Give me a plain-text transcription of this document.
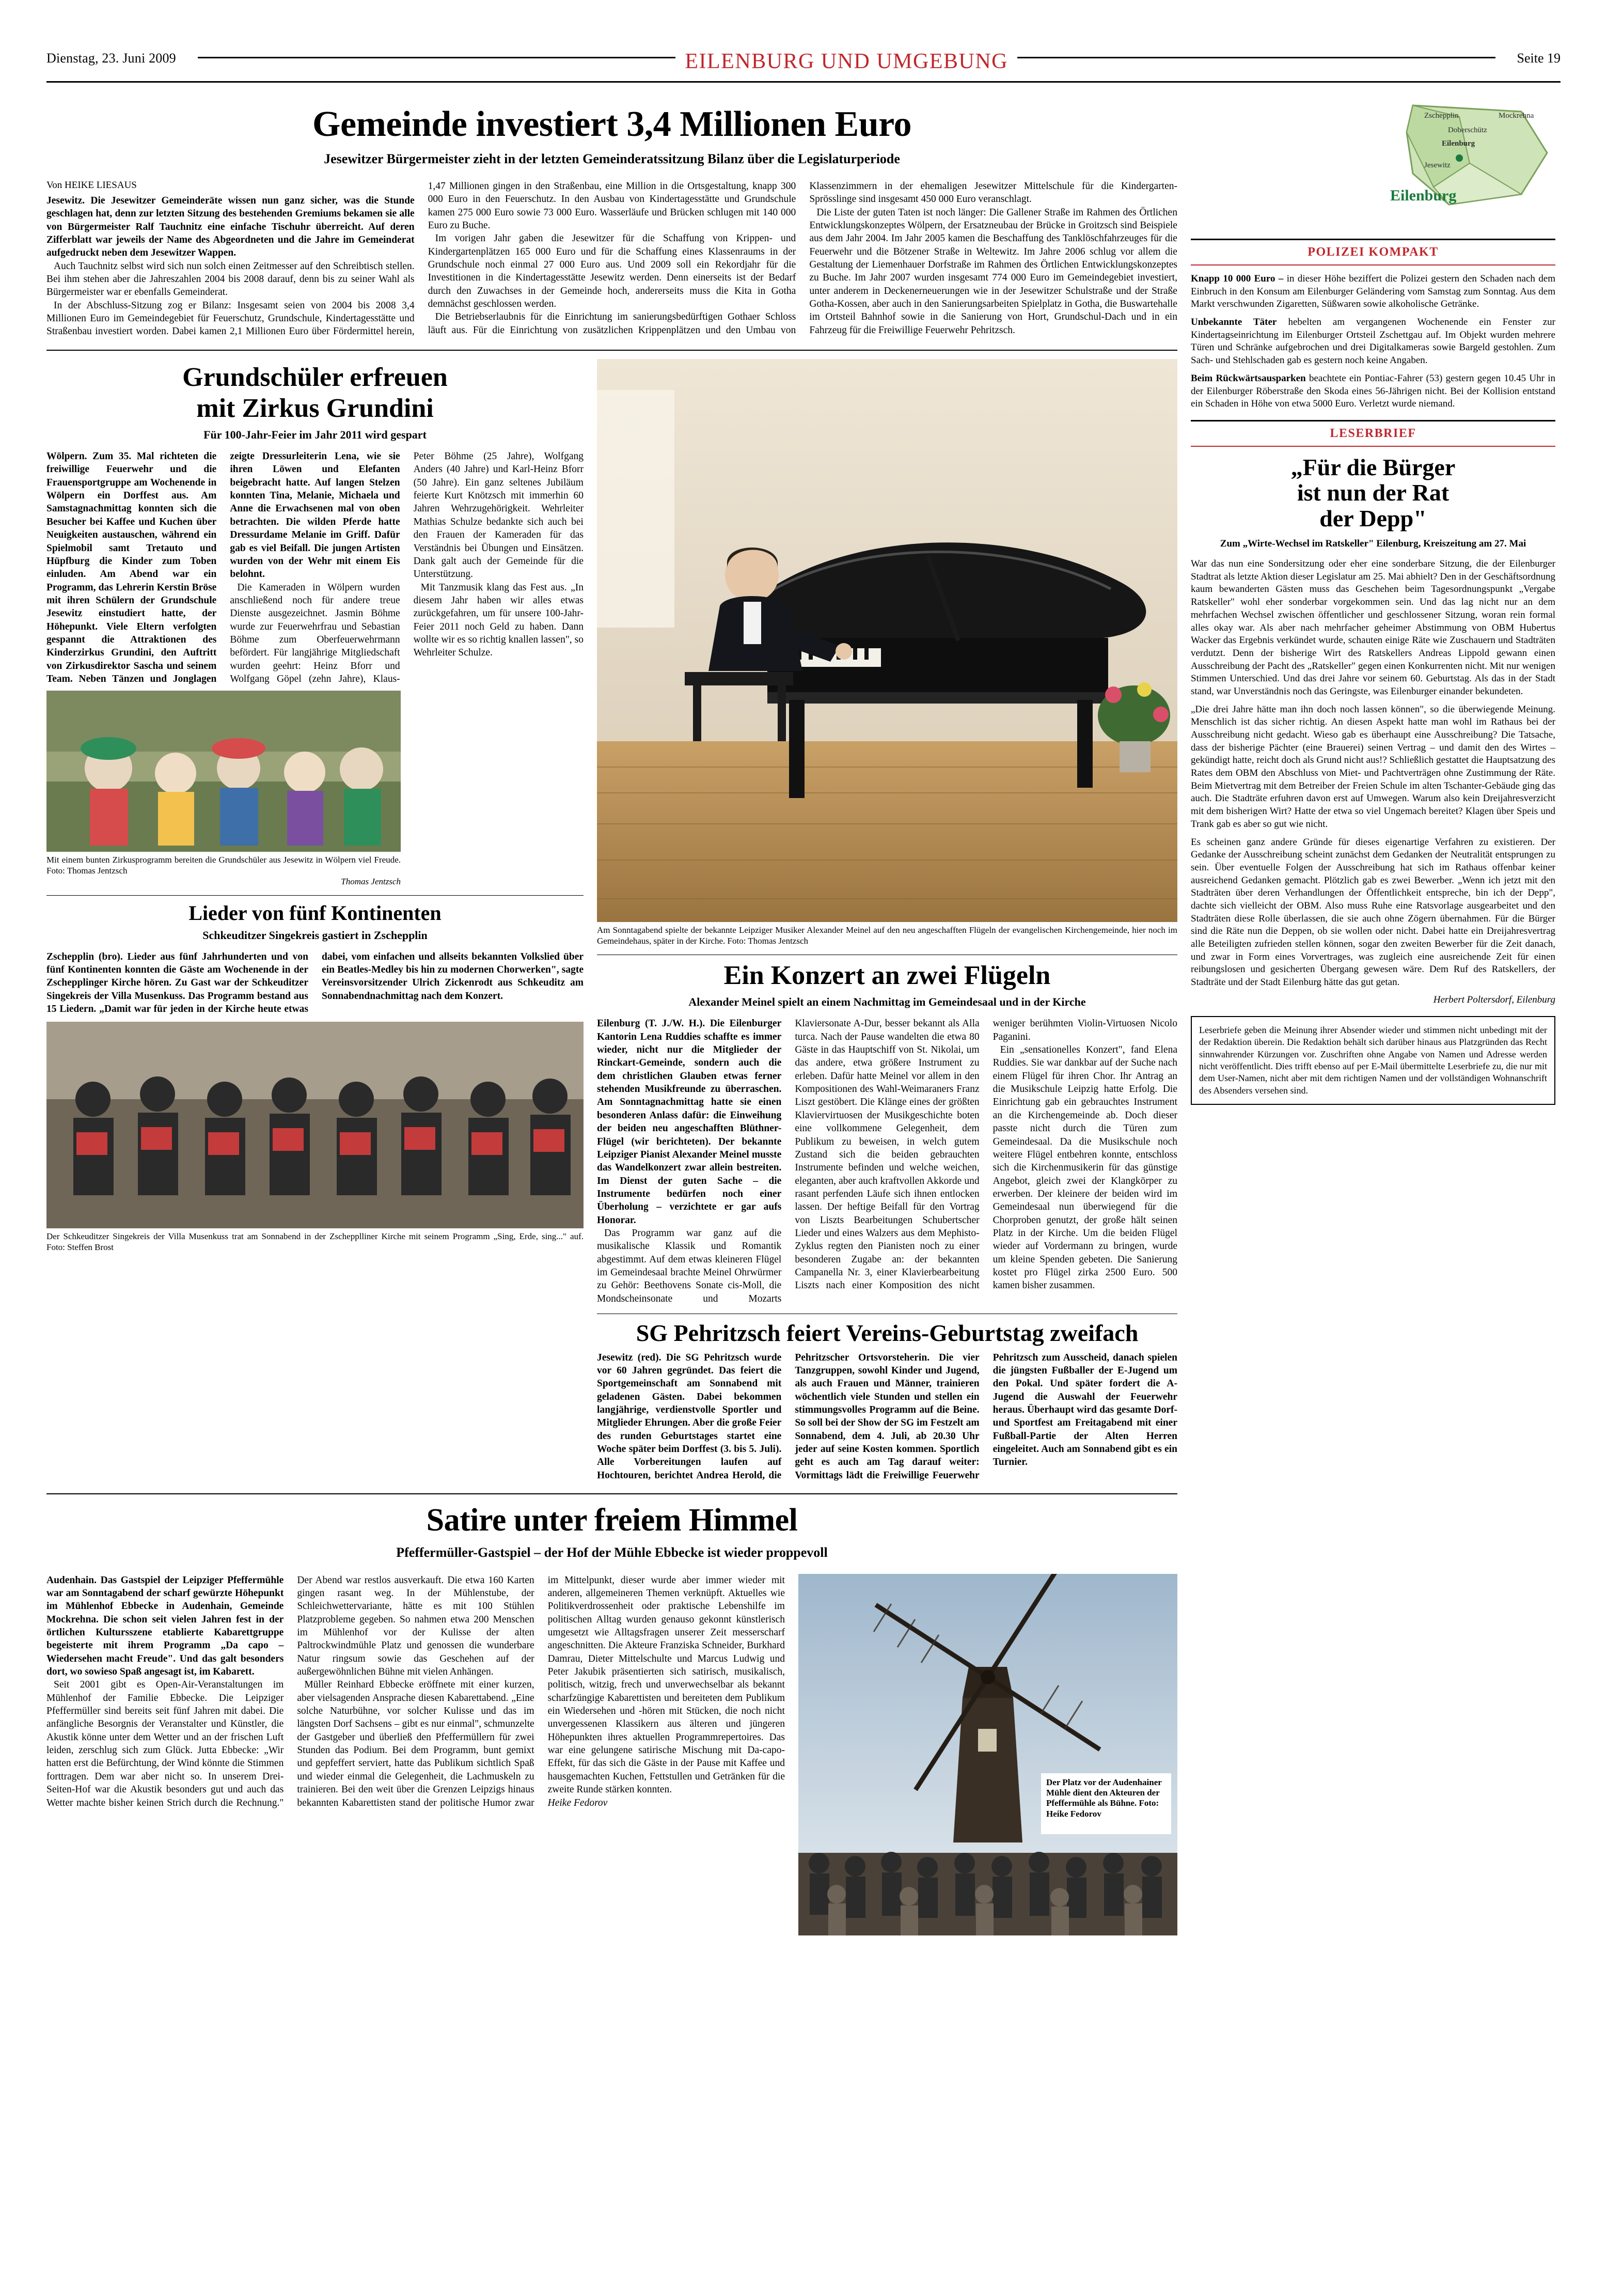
Dienstag, 23. Juni 2009	EILENBURG UND UMGEBUNG	Seite 19
Gemeinde investiert 3,4 Millionen Euro
Jesewitzer Bürgermeister zieht in der letzten Gemeinderatssitzung Bilanz über die Legislaturperiode
Von HEIKE LIESAUS

Jesewitz. Die Jesewitzer Gemeinderäte wissen nun ganz sicher, was die Stunde geschlagen hat, denn zur letzten Sitzung des bestehenden Gremiums bekamen sie alle von Bürgermeister Ralf Tauchnitz eine einfache Tischuhr überreicht. Auf deren Zifferblatt war jeweils der Name des Abgeordneten und die Jahre im Gemeinderat aufgedruckt neben dem Jesewitzer Wappen.

Auch Tauchnitz selbst wird sich nun solch einen Zeitmesser auf den Schreibtisch stellen. Bei ihm stehen aber die Jahreszahlen 2004 bis 2008 darauf, denn bis zu seiner Wahl als Bürgermeister war er ebenfalls Gemeinderat.

In der Abschluss-Sitzung zog er Bilanz: Insgesamt seien von 2004 bis 2008 3,4 Millionen Euro im Gemeindegebiet für Feuerschutz, Grundschule, Kindertagesstätte und Straßenbau investiert worden. Dabei kamen 2,1 Millionen Euro über Fördermittel herein, 1,47 Millionen gingen in den Straßenbau, eine Million in die Ortsgestaltung, knapp 300 000 Euro in den Feuerschutz. In den Ausbau von Kindertagesstätte und Grundschule kamen 275 000 Euro sowie 73 000 Euro. Wasserläufe und Brücken schlugen mit 140 000 Euro zu Buche.

Im vorigen Jahr gaben die Jesewitzer für die Schaffung von Krippen- und Kindergartenplätzen 165 000 Euro und für die Schaffung eines Klassenraums in der Grundschule noch einmal 27 000 Euro aus. Und 2009 soll ein Rekordjahr für die Investitionen in die Kindertagesstätte Jesewitz werden. Denn einerseits ist der Bedarf durch den Zuwachses in der Gemeinde hoch, andererseits muss die Kita in Gotha demnächst geschlossen werden.

Die Betriebserlaubnis für die Einrichtung im sanierungsbedürftigen Gothaer Schloss läuft aus. Für die Einrichtung von zusätzlichen Krippenplätzen und den Umbau von Klassenzimmern in der ehemaligen Jesewitzer Mittelschule für die Kindergarten-Sprösslinge sind insgesamt 450 000 Euro veranschlagt.

Die Liste der guten Taten ist noch länger: Die Gallener Straße im Rahmen des Örtlichen Entwicklungskonzeptes Wölpern, der Ersatzneubau der Brücke in Groitzsch sind Beispiele aus dem Jahr 2004. Im Jahr 2005 kamen die Beschaffung des Tanklöschfahrzeuges für die Feuerwehr und die Bötzener Straße in Weltewitz. Im Jahre 2006 schlug vor allem die Gestaltung der Liemenhauer Dorfstraße im Rahmen des Örtlichen Entwicklungskonzeptes zu Buche. Im Jahr 2007 wurden insgesamt 774 000 Euro im Gemeindegebiet investiert, unter anderem in Deckenerneuerungen wie in der Jesewitzer Schulstraße und der Straße Gotha-Kossen, aber auch in den Sanierungsarbeiten Spielplatz in Gotha, die Buswartehalle im Ortsteil Bahnhof sowie in die Sanierung von Hort, Grundschul-Dach und in ein Fahrzeug für die Freiwillige Feuerwehr Pehritzsch.

Grundschüler erfreuen
mit Zirkus Grundini
Für 100-Jahr-Feier im Jahr 2011 wird gespart

Wölpern. Zum 35. Mal richteten die freiwillige Feuerwehr und die Frauensportgruppe am Wochenende in Wölpern ein Dorffest aus. Am Samstagnachmittag konnten sich die Besucher bei Kaffee und Kuchen über Neuigkeiten austauschen, während ein Spielmobil samt Tretauto und Hüpfburg die Kinder zum Toben einluden. Am Abend war ein Programm, das Lehrerin Kerstin Bröse mit ihren Schülern der Grundschule Jesewitz einstudiert hatte, der Höhepunkt. Viele Eltern verfolgten gespannt die Attraktionen des Kinderzirkus Grundini, den Auftritt von Zirkusdirektor Sascha und seinem Team. Neben Tänzen und Jonglagen zeigte Dressurleiterin Lena, wie sie ihren Löwen und Elefanten beigebracht hatte. Auf langen Stelzen konnten Tina, Melanie, Michaela und Anne die Erwachsenen mal von oben betrachten. Die wilden Pferde hatte Dressurdame Melanie im Griff. Dafür gab es viel Beifall. Die jungen Artisten wurden von der Wehr mit einem Eis belohnt.

Die Kameraden in Wölpern wurden anschließend noch für andere treue Dienste ausgezeichnet. Jasmin Böhme wurde zur Feuerwehrfrau und Sebastian Böhme zum Oberfeuerwehrmann befördert. Für langjährige Mitgliedschaft wurden geehrt: Heinz Bforr und Wolfgang Göpel (zehn Jahre), Klaus-Peter Böhme (25 Jahre), Wolfgang Anders (40 Jahre) und Karl-Heinz Bforr (50 Jahre). Ein ganz seltenes Jubiläum feierte Kurt Knötzsch mit immerhin 60 Jahren Wehrzugehörigkeit. Wehrleiter Mathias Schulze bedankte sich auch bei den Frauen der Kameraden für das Verständnis bei Übungen und Einsätzen. Dank galt auch der Gemeinde für die Unterstützung.

Mit Tanzmusik klang das Fest aus. „In diesem Jahr haben wir alles etwas zurückgefahren, um für unsere 100-Jahr-Feier 2011 noch Geld zu haben. Dann wollte wir es so richtig knallen lassen", so Wehrleiter Schulze.

Mit einem bunten Zirkusprogramm bereiten die Grundschüler aus Jesewitz in Wölpern viel Freude. Foto: Thomas Jentzsch
Thomas Jentzsch
Lieder von fünf Kontinenten
Schkeuditzer Singekreis gastiert in Zschepplin

Zschepplin (bro). Lieder aus fünf Jahrhunderten und von fünf Kontinenten konnten die Gäste am Wochenende in der Zschepplinger Kirche hören. Zu Gast war der Schkeuditzer Singekreis der Villa Musenkuss. Das Programm bestand aus 15 Liedern. „Damit war für jeden in der Kirche heute etwas dabei, vom einfachen und allseits bekannten Volkslied über ein Beatles-Medley bis hin zu modernen Chorwerken", sagte Vereinsvorsitzender Ulrich Zickenrodt aus Schkeuditz am Sonnabendnachmittag nach dem Konzert.

Der Schkeuditzer Singekreis der Villa Musenkuss trat am Sonnabend in der Zschepplliner Kirche mit seinem Programm „Sing, Erde, sing..." auf. Foto: Steffen Brost
Am Sonntagabend spielte der bekannte Leipziger Musiker Alexander Meinel auf den neu angeschafften Flügeln der evangelischen Kirchengemeinde, hier noch im Gemeindehaus, später in der Kirche. Foto: Thomas Jentzsch
Ein Konzert an zwei Flügeln
Alexander Meinel spielt an einem Nachmittag im Gemeindesaal und in der Kirche

Eilenburg (T. J./W. H.). Die Eilenburger Kantorin Lena Ruddies schaffte es immer wieder, nicht nur die Mitglieder der Rinckart-Gemeinde, sondern auch die dem christlichen Glauben etwas ferner stehenden Musikfreunde zu überraschen. Am Sonntagnachmittag hatte sie einen besonderen Anlass dafür: die Einweihung der beiden neu angeschafften Blüthner-Flügel (wir berichteten). Der bekannte Leipziger Pianist Alexander Meinel musste das Wandelkonzert zwar allein bestreiten. Im Dienst der guten Sache – die Instrumente bedürfen noch einer Überholung – verzichtete er gar aufs Honorar.

Das Programm war ganz auf die musikalische Klassik und Romantik abgestimmt. Auf dem etwas kleineren Flügel im Gemeindesaal brachte Meinel Ohrwürmer zu Gehör: Beethovens Sonate cis-Moll, die Mondscheinsonate und Mozarts Klaviersonate A-Dur, besser bekannt als Alla turca. Nach der Pause wandelten die etwa 80 Gäste in das Hauptschiff von St. Nikolai, um das andere, etwa größere Instrument zu erleben. Dafür hatte Meinel vor allem in den Kompositionen des Wahl-Weimaraners Franz Liszt gestöbert. Die Klänge eines der größten Klaviervirtuosen der Musikgeschichte boten eine vollkommene Gelegenheit, dem Publikum zu beweisen, in welch gutem Zustand sich die beiden gebrauchten Instrumente befinden und welche weichen, eleganten, aber auch kraftvollen Akkorde und rasant perfenden Läufe sich ihnen entlocken lassen. Der heftige Beifall für den Vortrag von Liszts Bearbeitungen Schubertscher Lieder und eines Walzers aus dem Mephisto-Zyklus regten den Pianisten noch zu einer besonderen Zugabe an: der bekannten Campanella Nr. 3, einer Klavierbearbeitung Liszts nach einer Komposition des nicht weniger berühmten Violin-Virtuosen Nicolo Paganini.

Ein „sensationelles Konzert", fand Elena Ruddies. Sie war dankbar auf der Suche nach einem Flügel für ihren Chor. Ihr Antrag an die Musikschule Leipzig hatte Erfolg. Die Einrichtung gab ein gebrauchtes Instrument an die Kirchengemeinde ab. Doch dieser passte nicht durch die Türen zum Gemeindesaal. Da die Musikschule noch weitere Flügel entbehren konnte, entschloss sich die Kirchenmusikerin für das günstige Angebot, gleich zwei der Klangkörper zu erwerben. Der kleinere der beiden wird im Gemeindesaal nun überwiegend für die Chorproben genutzt, der große hält seinen Platz in der Kirche. Um die beiden Flügel wieder auf Vordermann zu bringen, wurde um kleine Spenden gebeten. Die Sanierung kostet pro Flügel zirka 2500 Euro. 500 kamen bisher zusammen.

SG Pehritzsch feiert Vereins-Geburtstag zweifach

Jesewitz (red). Die SG Pehritzsch wurde vor 60 Jahren gegründet. Das feiert die Sportgemeinschaft am Sonnabend mit geladenen Gästen. Dabei bekommen langjährige, verdienstvolle Sportler und Mitglieder Ehrungen. Aber die große Feier des runden Geburtstages startet eine Woche später beim Dorffest (3. bis 5. Juli). Alle Vorbereitungen laufen auf Hochtouren, berichtet Andrea Herold, die Pehritzscher Ortsvorsteherin. Die vier Tanzgruppen, sowohl Kinder und Jugend, als auch Frauen und Männer, trainieren wöchentlich viele Stunden und stellen ein stimmungsvolles Programm auf die Beine. So soll bei der Show der SG im Festzelt am Sonnabend, dem 4. Juli, ab 20.30 Uhr jeder auf seine Kosten kommen. Sportlich geht es auch am Tag darauf weiter: Vormittags lädt die Freiwillige Feuerwehr Pehritzsch zum Ausscheid, danach spielen die jüngsten Fußballer der E-Jugend um den Pokal. Und später fordert die A-Jugend die Auswahl der Feuerwehr heraus. Überhaupt wird das gesamte Dorf- und Sportfest am Freitagabend mit einer Fußball-Partie der Alten Herren eingeleitet. Auch am Sonnabend gibt es ein Turnier.

Satire unter freiem Himmel
Pfeffermüller-Gastspiel – der Hof der Mühle Ebbecke ist wieder proppevoll

Audenhain. Das Gastspiel der Leipziger Pfeffermühle war am Sonntagabend der scharf gewürzte Höhepunkt im Mühlenhof Ebbecke in Audenhain, Gemeinde Mockrehna. Die schon seit vielen Jahren fest in der örtlichen Kultursszene etablierte Kabarettgruppe begeisterte mit ihrem Programm „Da capo – Wiedersehen macht Freude". Und das galt besonders dort, wo sowieso Spaß angesagt ist, im Kabarett.

Seit 2001 gibt es Open-Air-Veranstaltungen im Mühlenhof der Familie Ebbecke. Die Leipziger Pfeffermüller sind bereits seit fünf Jahren mit dabei. Die anfängliche Besorgnis der Veranstalter und Künstler, die Akustik könne unter dem Wetter und an der frischen Luft leiden, zerschlug sich zum Glück. Jutta Ebbecke: „Wir hatten erst die Befürchtung, der Wind könnte die Stimmen forttragen. Dem war aber nicht so. In unserem Drei-Seiten-Hof war die Akustik besonders gut und auch das Wetter machte bisher keinen Strich durch die Rechnung." Der Abend war restlos ausverkauft. Die etwa 160 Karten gingen rasant weg. In der Mühlenstube, der Schleichwettervariante, hätte es mit 100 Stühlen Platzprobleme gegeben. So nahmen etwa 200 Menschen im Mühlenhof vor der Kulisse der alten Paltrockwindmühle Platz und genossen die wunderbare Natur ringsum sowie das Geschehen auf der außergewöhnlichen Bühne mit vielen Anhängen.

Müller Reinhard Ebbecke eröffnete mit einer kurzen, aber vielsagenden Ansprache diesen Kabarettabend. „Eine solche Naturbühne, vor solcher Kulisse und das im längsten Dorf Sachsens – gibt es nur einmal", schmunzelte der Gastgeber und überließ den Pfeffermüllern für zwei Stunden das Podium. Bei dem Programm, bunt gemixt und gepfeffert serviert, hatte das Publikum sichtlich Spaß und wieder einmal die Gelegenheit, die Lachmuskeln zu trainieren. Bei den weit über die Grenzen Leipzigs hinaus bekannten Kabarettisten stand der politische Humor zwar im Mittelpunkt, dieser wurde aber immer wieder mit anderen, allgemeineren Themen verknüpft. Aktuelles wie Politikverdrossenheit oder praktische Lebenshilfe im politischen Alltag wurden genauso gekonnt künstlerisch umgesetzt wie Alltagsfragen unserer Zeit messerscharf angeschnitten. Die Akteure Franziska Schneider, Burkhard Damrau, Dieter Mittelschulte und Marcus Ludwig und Peter Jakubik präsentierten sich satirisch, musikalisch, politisch, witzig, frech und unverwechselbar als bekannt scharfzüngige Kabarettisten und bereiteten dem Publikum ein Wiedersehen und -hören mit Stücken, die noch nicht unvergessenen Klassikern aus älteren und jüngeren Höhepunkten ihres aktuellen Programmrepertoires. Das war eine gelungene satirische Mischung mit Da-capo-Effekt, für das sich die Gäste in der Pause mit Kaffee und hausgemachten Kuchen, Fettstullen und Getränken für die zweite Runde stärken konnten.

Heike Fedorov

Der Platz vor der Audenhainer Mühle dient den Akteuren der Pfeffermühle als Bühne. Foto: Heike Fedorov
Zschepplin	Mockrehna
Doberschütz
Eilenburg
Jesewitz
Eilenburg
POLIZEI KOMPAKT

Knapp 10 000 Euro – in dieser Höhe beziffert die Polizei gestern den Schaden nach dem Einbruch in den Konsum am Eilenburger Geländering vom Samstag zum Sonntag. Aus dem Markt verschwunden Zigaretten, Süßwaren sowie alkoholische Getränke.

Unbekannte Täter hebelten am vergangenen Wochenende ein Fenster zur Kindertagseinrichtung im Eilenburger Ortsteil Zschettgau auf. Im Objekt wurden mehrere Türen und Schränke aufgebrochen und drei Digitalkameras sowie Bargeld gestohlen. Zum Sach- und Stehlschaden gab es gestern noch keine Angaben.

Beim Rückwärtsausparken beachtete ein Pontiac-Fahrer (53) gestern gegen 10.45 Uhr in der Eilenburger Röberstraße den Skoda eines 56-Jährigen nicht. Bei der Kollision entstand ein Schaden in Höhe von etwa 5000 Euro. Verletzt wurde niemand.

LESERBRIEF
„Für die Bürger
ist nun der Rat
der Depp"
Zum „Wirte-Wechsel im Ratskeller" Eilenburg, Kreiszeitung am 27. Mai

War das nun eine Sondersitzung oder eher eine sonderbare Sitzung, die der Eilenburger Stadtrat als letzte Aktion dieser Legislatur am 25. Mai abhielt? Den in der Geschäftsordnung kaum bewanderten Gästen muss das Geschehen beim Tagesordnungspunkt „Vergabe Ratskeller" wohl eher sonderbar vorgekommen sein. Und das lag nicht nur an dem mehrfachen Wechsel zwischen öffentlicher und geschlossener Sitzung, woran rein formal alles okay war. Als aber nach mehrfacher geheimer Abstimmung von OBM Hubertus Wacker das Ergebnis verkündet wurde, schauten einige Räte wie Zuschauern und Stadträten verdutzt. Denn der bisherige Wirt des Ratskellers Andreas Lippold gewann einen Ausschreibung der Pacht des „Ratskeller" gegen einen Konkurrenten nicht. Mit nur wenigen Stimmen Unterschied. Und das drei Jahre vor seinem 60. Geburtstag. Als das in der Stadt stand, war Unverständnis noch das Geringste, was Eilenburger einander bekundeten.

„Die drei Jahre hätte man ihn doch noch lassen können", so die überwiegende Meinung. Menschlich ist das sicher richtig. An diesen Aspekt hatte man wohl im Rathaus bei der Ausschreibung nicht gedacht. Wieso gab es überhaupt eine Ausschreibung? Die Tatsache, dass der bisherige Pächter (eine Brauerei) seinen Vertrag – und damit den des Wirtes – gekündigt hatte, reicht doch als Grund nicht aus!? Schließlich gestattet die Hauptsatzung des Rates dem OBM den Abschluss von Miet- und Pachtverträgen ohne Zustimmung der Räte. Beim Mietvertrag mit dem Betreiber der Freien Schule im alten Tschanter-Gebäude ging das auch. Die Stadträte erfuhren davon erst auf Umwegen. Warum also kein Dreijahresverzicht mit dem bisherigen Wirt? Hatte der etwa so viel Ungemach bereitet? Klagen über Speis und Trank gab es aber so gut wie nicht.

Es scheinen ganz andere Gründe für dieses eigenartige Verfahren zu existieren. Der Gedanke der Ausschreibung scheint zunächst dem Gedanken der Neutralität entsprungen zu sein. Über eventuelle Folgen der Ausschreibung hat sich im Rathaus offenbar keiner ausreichend Gedanken gemacht. Plötzlich gab es zwei Bewerber. „Wenn ich jetzt mit den Stadträten über deren Verhandlungen der Öffentlichkeit entspreche, bin ich der Depp", dachte sich vielleicht der OBM. Also muss Ruhe eine Ratsvorlage ausgearbeitet und den Stadträten diese Rolle überlassen, die sie auch ohne Zögern übernahmen. Für die Bürger sind die Räte nun die Deppen, ob sie wollen oder nicht. Dabei hatte ein Dreijahresvertrag alle Beteiligten zufrieden stellen können, sogar den zweiten Bewerber für die Zeit danach, und zwar in Form eines Vorvertrages, was zugleich eine ausreichende Zeit für einen reibungslosen und gesicherten Übergang gewesen wäre. Dem Ruf des Ratskellers, der Stadträte und der Stadt Eilenburg hätte das gut getan.

Herbert Poltersdorf, Eilenburg
Leserbriefe geben die Meinung ihrer Absender wieder und stimmen nicht unbedingt mit der der Redaktion überein. Die Redaktion behält sich darüber hinaus aus Platzgründen das Recht sinnwahrender Kürzungen vor. Zuschriften ohne Angabe von Namen und Adresse werden nicht veröffentlicht. Dies trifft ebenso auf per E-Mail übermittelte Leserbriefe zu, die nur mit dem User-Namen, nicht aber mit dem richtigen Namen und der vollständigen Wohnanschrift des Absenders versehen sind.
